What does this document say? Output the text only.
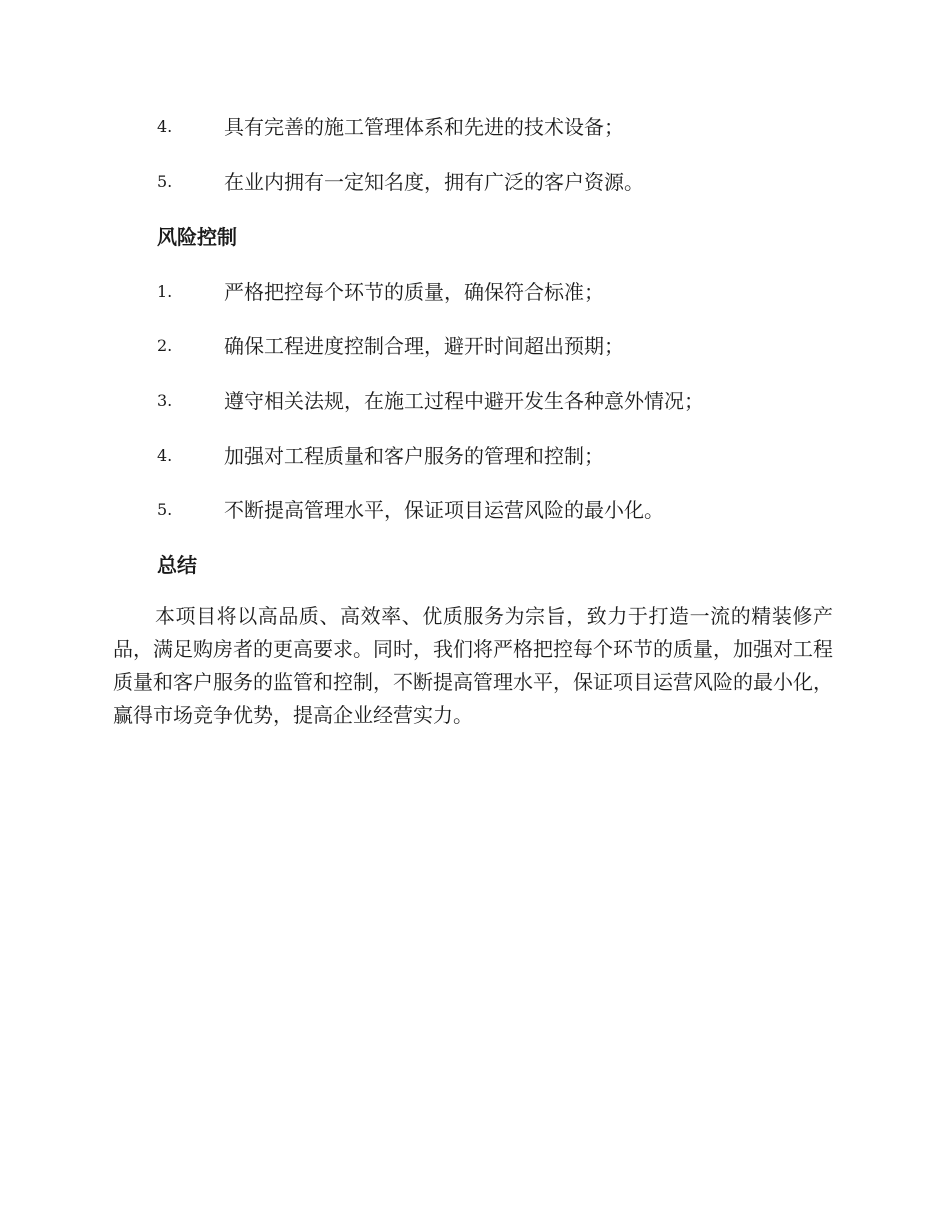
4.	具有完善的施工管理体系和先进的技术设备；
5.	在业内拥有一定知名度，拥有广泛的客户资源。
风险控制
1.	严格把控每个环节的质量，确保符合标准；
2.	确保工程进度控制合理，避开时间超出预期；
3.	遵守相关法规，在施工过程中避开发生各种意外情况；
4.	加强对工程质量和客户服务的管理和控制；
5.	不断提高管理水平，保证项目运营风险的最小化。
总结

本项目将以高品质、高效率、优质服务为宗旨，致力于打造一流的精装修产品，满足购房者的更高要求。同时，我们将严格把控每个环节的质量，加强对工程质量和客户服务的监管和控制，不断提高管理水平，保证项目运营风险的最小化，赢得市场竞争优势，提高企业经营实力。
